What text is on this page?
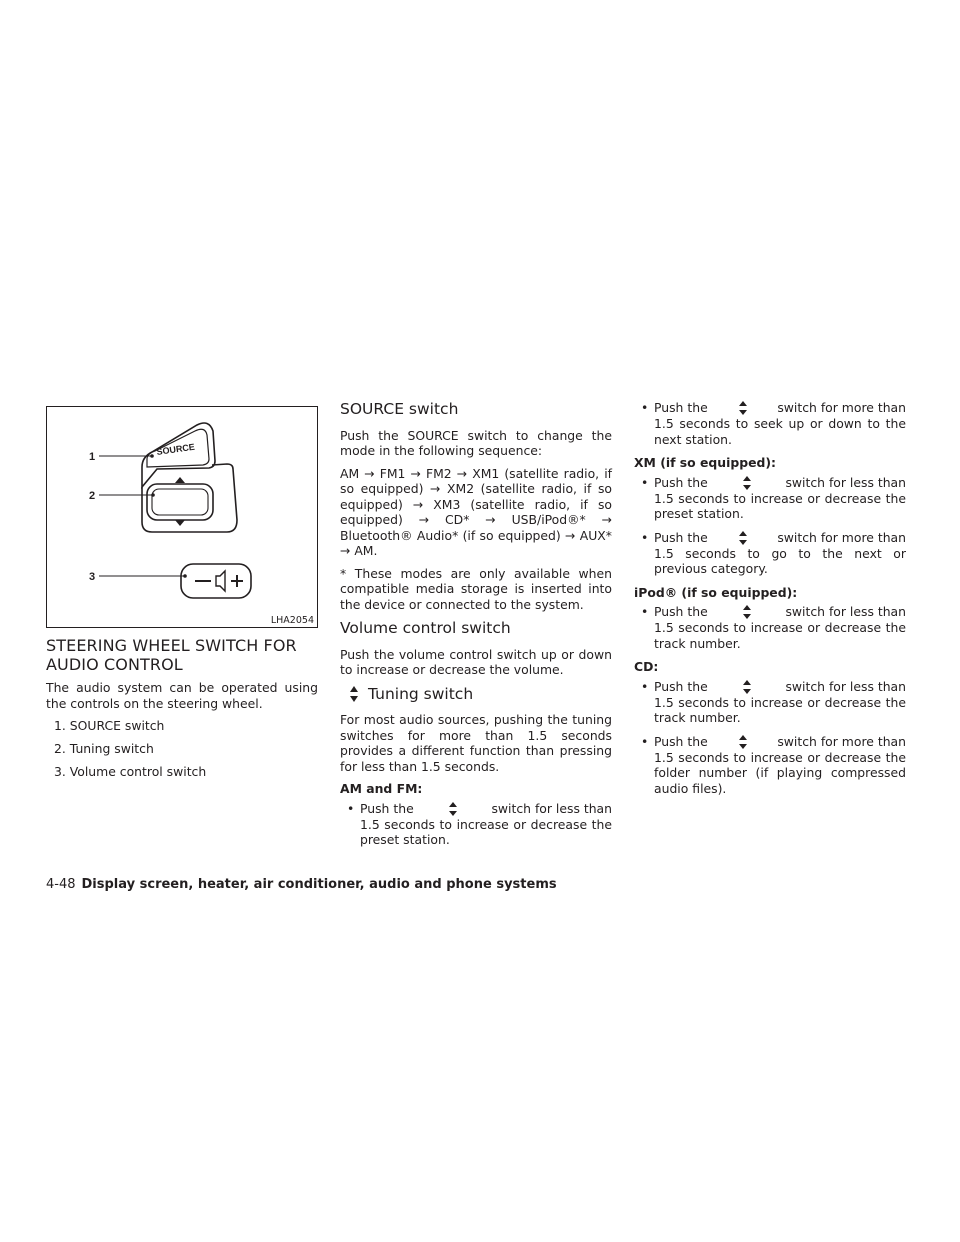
1
2
3
SOURCE
LHA2054
STEERING WHEEL SWITCH FOR AUDIO CONTROL

The audio system can be operated using the controls on the steering wheel.

1. SOURCE switch
2. Tuning switch
3. Volume control switch
SOURCE switch

Push the SOURCE switch to change the mode in the following sequence:

AM → FM1 → FM2 → XM1 (satellite radio, if so equipped) → XM2 (satellite radio, if so equipped) → XM3 (satellite radio, if so equipped) → CD* → USB/iPod®* → Bluetooth® Audio* (if so equipped) → AUX* → AM.

* These modes are only available when compatible media storage is inserted into the device or connected to the system.

Volume control switch

Push the volume control switch up or down to increase or decrease the volume.

Tuning switch

For most audio sources, pushing the tuning switches for more than 1.5 seconds provides a different function than pressing for less than 1.5 seconds.

AM and FM:
• Push the	switch for less than
1.5 seconds to increase or decrease the preset station.
• Push the	switch for more than
1.5 seconds to seek up or down to the next station.
XM (if so equipped):
• Push the	switch for less than
1.5 seconds to increase or decrease the preset station.
• Push the	switch for more than
1.5 seconds to go to the next or previous category.
iPod® (if so equipped):
• Push the	switch for less than
1.5 seconds to increase or decrease the track number.
CD:
• Push the	switch for less than
1.5 seconds to increase or decrease the track number.
• Push the	switch for more than
1.5 seconds to increase or decrease the folder number (if playing compressed audio files).
4-48 Display screen, heater, air conditioner, audio and phone systems
